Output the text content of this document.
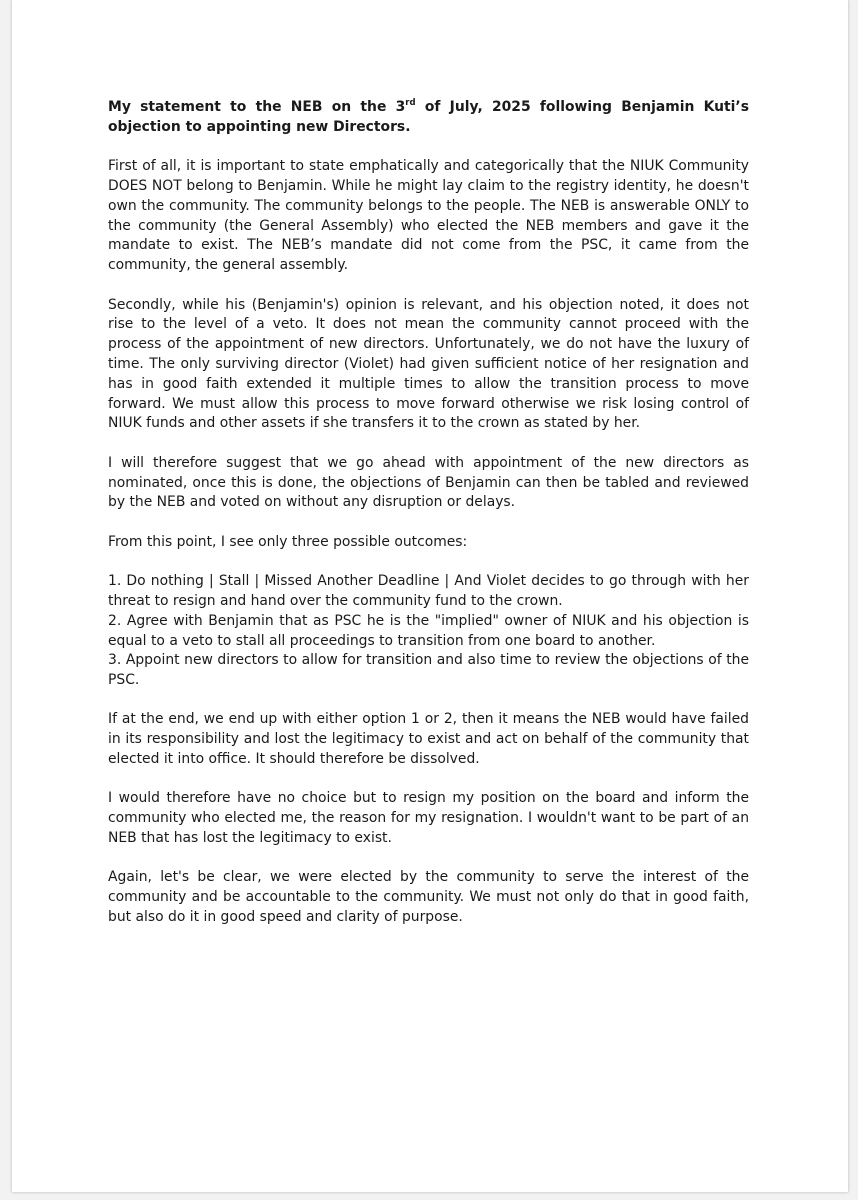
My statement to the NEB on the 3rd of July, 2025 following Benjamin Kuti’s objection to appointing new Directors.

First of all, it is important to state emphatically and categorically that the NIUK Community DOES NOT belong to Benjamin. While he might lay claim to the registry identity, he doesn't own the community. The community belongs to the people. The NEB is answerable ONLY to the community (the General Assembly) who elected the NEB members and gave it the mandate to exist. The NEB’s mandate did not come from the PSC, it came from the community, the general assembly.

Secondly, while his (Benjamin's) opinion is relevant, and his objection noted, it does not rise to the level of a veto. It does not mean the community cannot proceed with the process of the appointment of new directors. Unfortunately, we do not have the luxury of time. The only surviving director (Violet) had given sufficient notice of her resignation and has in good faith extended it multiple times to allow the transition process to move forward. We must allow this process to move forward otherwise we risk losing control of NIUK funds and other assets if she transfers it to the crown as stated by her.

I will therefore suggest that we go ahead with appointment of the new directors as nominated, once this is done, the objections of Benjamin can then be tabled and reviewed by the NEB and voted on without any disruption or delays.

From this point, I see only three possible outcomes:

1. Do nothing | Stall | Missed Another Deadline | And Violet decides to go through with her threat to resign and hand over the community fund to the crown.

2. Agree with Benjamin that as PSC he is the "implied" owner of NIUK and his objection is equal to a veto to stall all proceedings to transition from one board to another.

3. Appoint new directors to allow for transition and also time to review the objections of the PSC.

If at the end, we end up with either option 1 or 2, then it means the NEB would have failed in its responsibility and lost the legitimacy to exist and act on behalf of the community that elected it into office. It should therefore be dissolved.

I would therefore have no choice but to resign my position on the board and inform the community who elected me, the reason for my resignation. I wouldn't want to be part of an NEB that has lost the legitimacy to exist.

Again, let's be clear, we were elected by the community to serve the interest of the community and be accountable to the community. We must not only do that in good faith, but also do it in good speed and clarity of purpose.
